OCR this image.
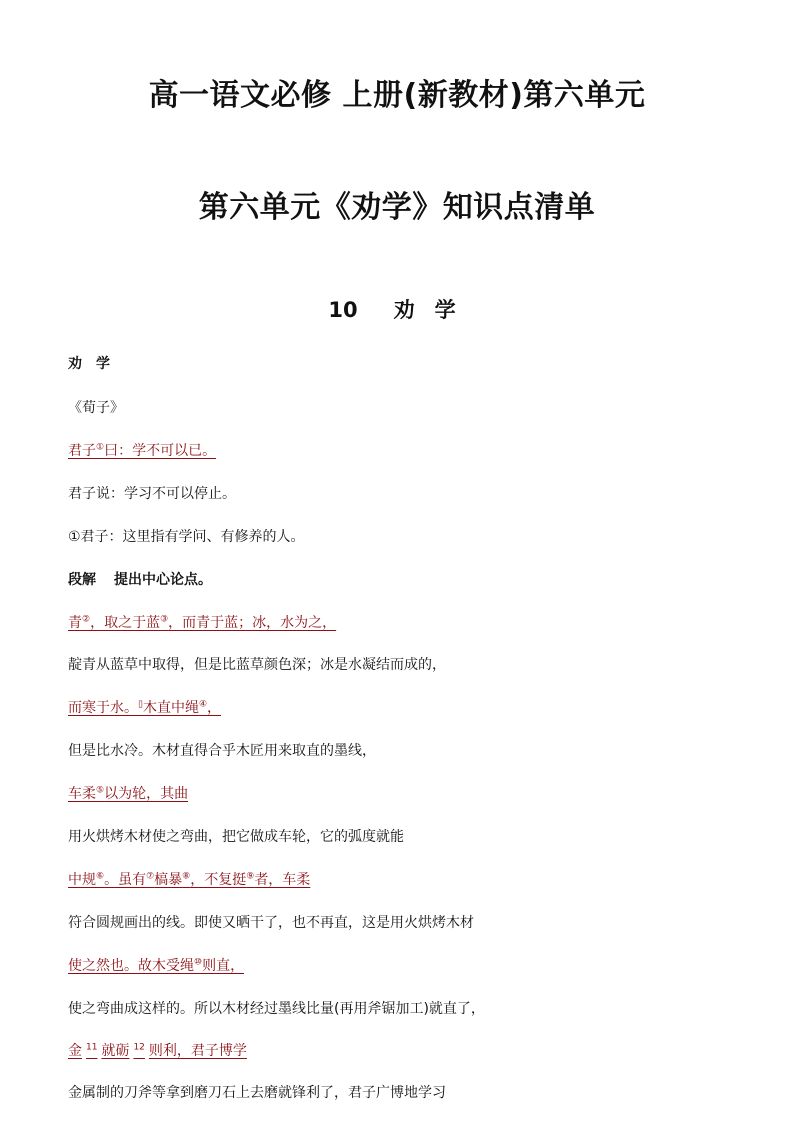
高一语文必修 上册(新教材)第六单元
第六单元《劝学》知识点清单
10 劝 学
劝　学
《荀子》
君子①曰：学不可以已。
君子说：学习不可以停止。
①君子：这里指有学问、有修养的人。
段解 提出中心论点。
青②，取之于蓝③，而青于蓝；冰，水为之，
靛青从蓝草中取得，但是比蓝草颜色深；冰是水凝结而成的，
而寒于水。▯木直中绳④，
但是比水冷。木材直得合乎木匠用来取直的墨线，
车柔⑤以为轮，其曲
用火烘烤木材使之弯曲，把它做成车轮，它的弧度就能
中规⑥。虽有⑦槁暴⑧，不复挺⑨者，车柔
符合圆规画出的线。即使又晒干了，也不再直，这是用火烘烤木材
使之然也。故木受绳⑩则直，
使之弯曲成这样的。所以木材经过墨线比量(再用斧锯加工)就直了，
金 $^{11}$ 就砺 $^{12}$ 则利，君子博学
金属制的刀斧等拿到磨刀石上去磨就锋利了，君子广博地学习
